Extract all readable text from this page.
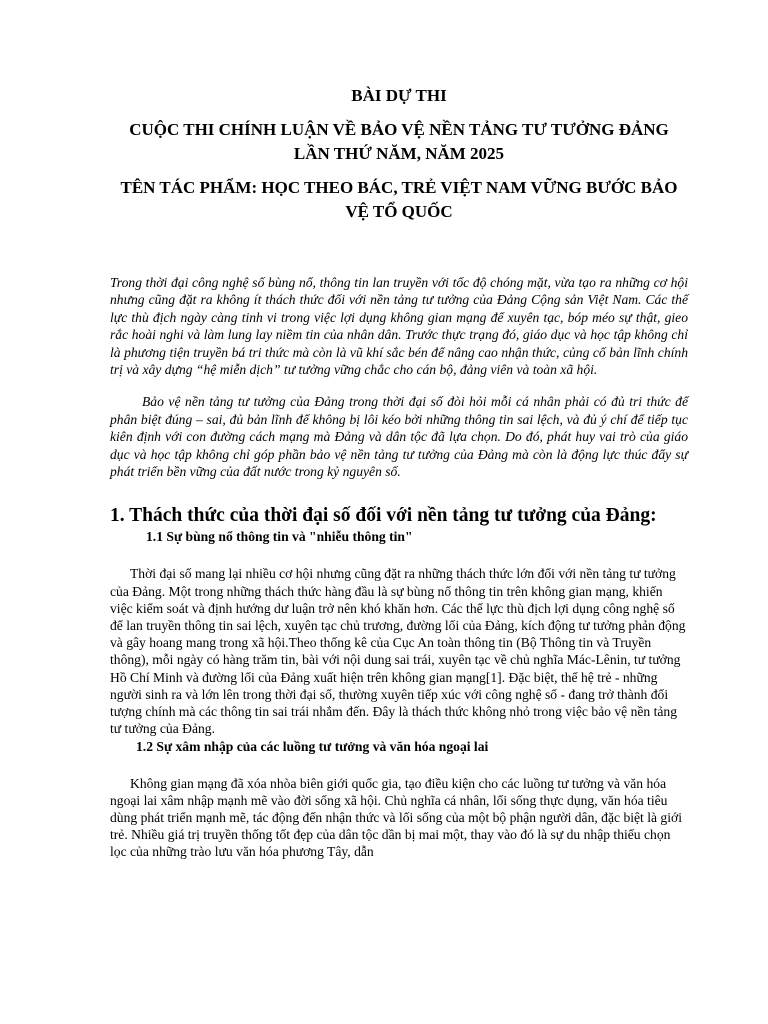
BÀI DỰ THI
CUỘC THI CHÍNH LUẬN VỀ BẢO VỆ NỀN TẢNG TƯ TƯỞNG ĐẢNG LẦN THỨ NĂM, NĂM 2025
TÊN TÁC PHẨM: HỌC THEO BÁC, TRẺ VIỆT NAM VỮNG BƯỚC BẢO VỆ TỔ QUỐC

Trong thời đại công nghệ số bùng nổ, thông tin lan truyền với tốc độ chóng mặt, vừa tạo ra những cơ hội nhưng cũng đặt ra không ít thách thức đối với nền tảng tư tưởng của Đảng Cộng sản Việt Nam. Các thế lực thù địch ngày càng tinh vi trong việc lợi dụng không gian mạng để xuyên tạc, bóp méo sự thật, gieo rắc hoài nghi và làm lung lay niềm tin của nhân dân. Trước thực trạng đó, giáo dục và học tập không chỉ là phương tiện truyền bá tri thức mà còn là vũ khí sắc bén để nâng cao nhận thức, củng cố bản lĩnh chính trị và xây dựng “hệ miễn dịch” tư tưởng vững chắc cho cán bộ, đảng viên và toàn xã hội.

Bảo vệ nền tảng tư tưởng của Đảng trong thời đại số đòi hỏi mỗi cá nhân phải có đủ tri thức để phân biệt đúng – sai, đủ bản lĩnh để không bị lôi kéo bởi những thông tin sai lệch, và đủ ý chí để tiếp tục kiên định với con đường cách mạng mà Đảng và dân tộc đã lựa chọn. Do đó, phát huy vai trò của giáo dục và học tập không chỉ góp phần bảo vệ nền tảng tư tưởng của Đảng mà còn là động lực thúc đẩy sự phát triển bền vững của đất nước trong kỷ nguyên số.

1. Thách thức của thời đại số đối với nền tảng tư tưởng của Đảng:
1.1 Sự bùng nổ thông tin và "nhiễu thông tin"

Thời đại số mang lại nhiều cơ hội nhưng cũng đặt ra những thách thức lớn đối với nền tảng tư tưởng của Đảng. Một trong những thách thức hàng đầu là sự bùng nổ thông tin trên không gian mạng, khiến việc kiểm soát và định hướng dư luận trở nên khó khăn hơn. Các thế lực thù địch lợi dụng công nghệ số để lan truyền thông tin sai lệch, xuyên tạc chủ trương, đường lối của Đảng, kích động tư tưởng phản động và gây hoang mang trong xã hội.Theo thống kê của Cục An toàn thông tin (Bộ Thông tin và Truyền thông), mỗi ngày có hàng trăm tin, bài với nội dung sai trái, xuyên tạc về chủ nghĩa Mác-Lênin, tư tưởng Hồ Chí Minh và đường lối của Đảng xuất hiện trên không gian mạng[1]. Đặc biệt, thế hệ trẻ - những người sinh ra và lớn lên trong thời đại số, thường xuyên tiếp xúc với công nghệ số - đang trở thành đối tượng chính mà các thông tin sai trái nhắm đến. Đây là thách thức không nhỏ trong việc bảo vệ nền tảng tư tưởng của Đảng.

1.2 Sự xâm nhập của các luồng tư tưởng và văn hóa ngoại lai

Không gian mạng đã xóa nhòa biên giới quốc gia, tạo điều kiện cho các luồng tư tưởng và văn hóa ngoại lai xâm nhập mạnh mẽ vào đời sống xã hội. Chủ nghĩa cá nhân, lối sống thực dụng, văn hóa tiêu dùng phát triển mạnh mẽ, tác động đến nhận thức và lối sống của một bộ phận người dân, đặc biệt là giới trẻ. Nhiều giá trị truyền thống tốt đẹp của dân tộc dần bị mai một, thay vào đó là sự du nhập thiếu chọn lọc của những trào lưu văn hóa phương Tây, dẫn
